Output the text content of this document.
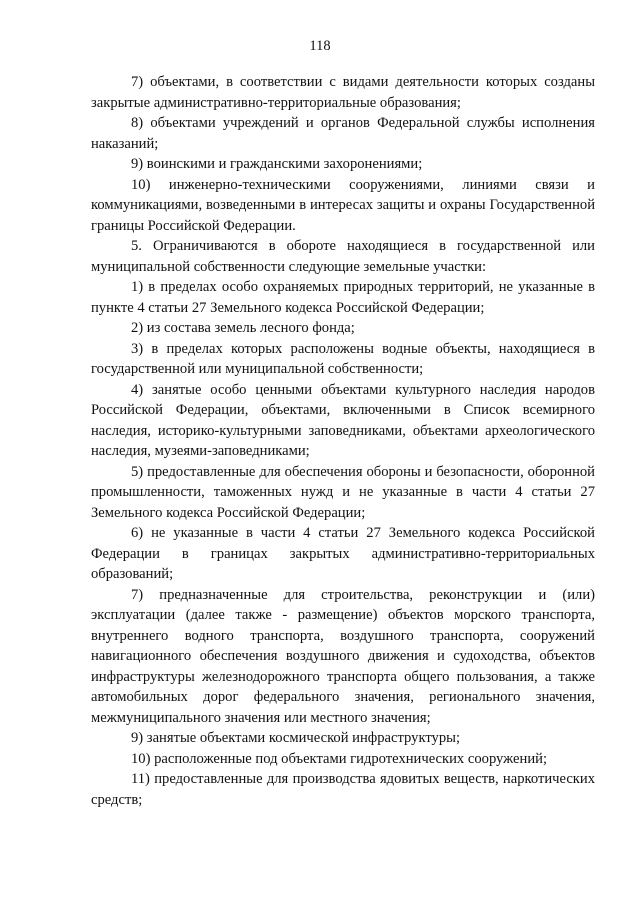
118

7) объектами, в соответствии с видами деятельности которых созданы закрытые административно-территориальные образования;

8) объектами учреждений и органов Федеральной службы исполнения наказаний;

9) воинскими и гражданскими захоронениями;

10) инженерно-техническими сооружениями, линиями связи и коммуникациями, возведенными в интересах защиты и охраны Государственной границы Российской Федерации.

5. Ограничиваются в обороте находящиеся в государственной или муниципальной собственности следующие земельные участки:

1) в пределах особо охраняемых природных территорий, не указанные в пункте 4 статьи 27 Земельного кодекса Российской Федерации;

2) из состава земель лесного фонда;

3) в пределах которых расположены водные объекты, находящиеся в государственной или муниципальной собственности;

4) занятые особо ценными объектами культурного наследия народов Российской Федерации, объектами, включенными в Список всемирного наследия, историко-культурными заповедниками, объектами археологического наследия, музеями-заповедниками;

5) предоставленные для обеспечения обороны и безопасности, оборонной промышленности, таможенных нужд и не указанные в части 4 статьи 27 Земельного кодекса Российской Федерации;

6) не указанные в части 4 статьи 27 Земельного кодекса Российской Федерации в границах закрытых административно-территориальных образований;

7) предназначенные для строительства, реконструкции и (или) эксплуатации (далее также - размещение) объектов морского транспорта, внутреннего водного транспорта, воздушного транспорта, сооружений навигационного обеспечения воздушного движения и судоходства, объектов инфраструктуры железнодорожного транспорта общего пользования, а также автомобильных дорог федерального значения, регионального значения, межмуниципального значения или местного значения;

9) занятые объектами космической инфраструктуры;

10) расположенные под объектами гидротехнических сооружений;

11) предоставленные для производства ядовитых веществ, наркотических средств;
